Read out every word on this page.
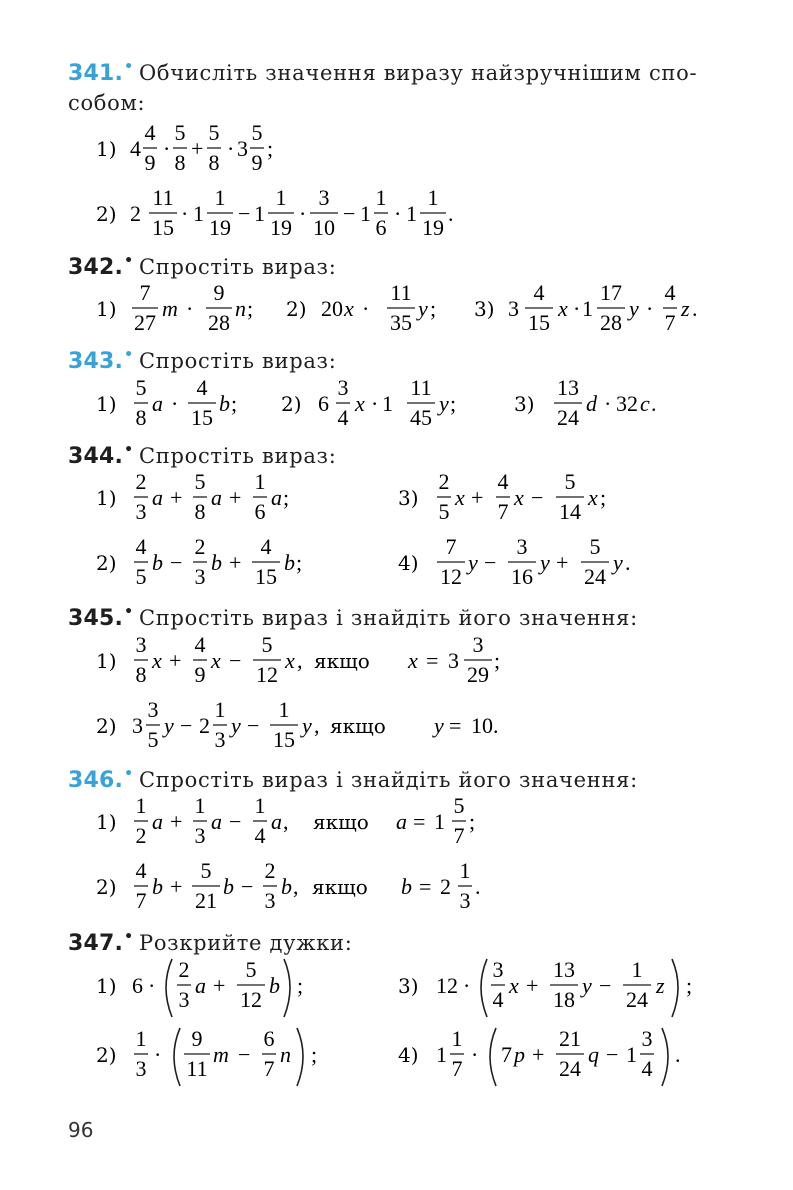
341.• Обчисліть значення виразу найзручнішим спо-
собом:
1) 4
4
9
·
5
8
+
5
8
· 3
5
9
;
2) 2
11
15
· 1
1
19
− 1
1
19
·
3
10
− 1
1
6
· 1
1
19
.
342.• Спростіть вираз:
1)
7
27
m ·
9
28
n ; 2) 20 x ·
11
35
y ; 3) 3
4
15
x · 1
17
28
y ·
4
7
z .
343.• Спростіть вираз:
1)
5
8
a ·
4
15
b ; 2) 6
3
4
x · 1
11
45
y ;	3)
13
24
d · 32 c .
344.• Спростіть вираз:
1)
2
3
a +
5
8
a +
1
6
a ;	3)
2
5
x +
4
7
x −
5
14
x ;
2)
4
5
b −
2
3
b +
4
15
b ;	4)
7
12
y −
3
16
y +
5
24
y .
345.• Спростіть вираз і знайдіть його значення:
1)
3
8
x +
4
9
x −
5
12
x , якщо x = 3
3
29
;
2) 3
3
5
y − 2
1
3
y −
1
15
y , якщо y = 10.
346.• Спростіть вираз і знайдіть його значення:
1)
1
2
a +
1
3
a −
1
4
a , якщо a = 1
5
7
;
2)
4
7
b +
5
21
b −
2
3
b , якщо b = 2
1
3
.
347.• Розкрийте дужки:
1) 6 ·
2
3
a +
5
12
b ;	3) 12 ·
3
4
x +
13
18
y −
1
24
z ;
2)
1
3
·
9
11
m −
6
7
n ;	4) 1
1
7
· 7 p +
21
24
q − 1
3
4
.
96
